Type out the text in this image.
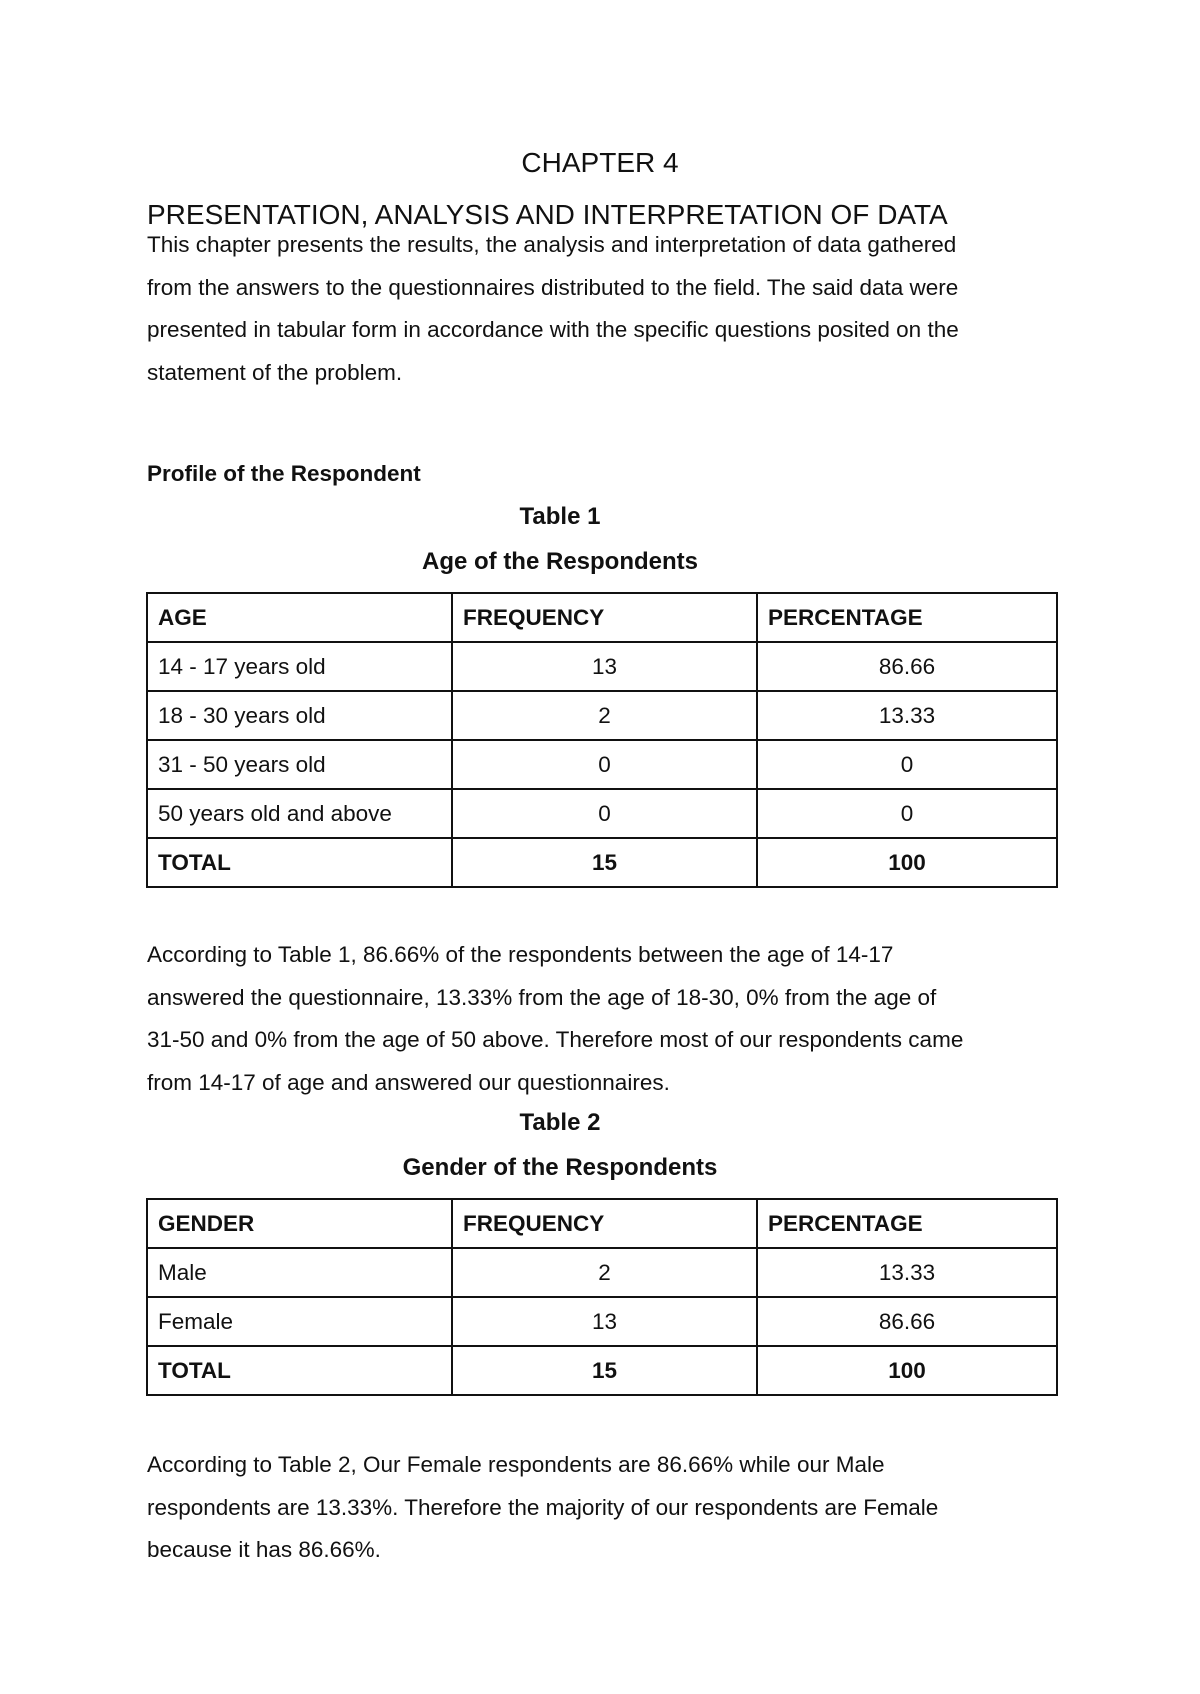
CHAPTER 4
PRESENTATION, ANALYSIS AND INTERPRETATION OF DATA

This chapter presents the results, the analysis and interpretation of data gathered
from the answers to the questionnaires distributed to the field. The said data were
presented in tabular form in accordance with the specific questions posited on the
statement of the problem.

Profile of the Respondent
Table 1
Age of the Respondents
AGE	FREQUENCY	PERCENTAGE
14 - 17 years old	13	86.66
18 - 30 years old	2	13.33
31 - 50 years old	0	0
50 years old and above	0	0
TOTAL	15	100

According to Table 1, 86.66% of the respondents between the age of 14-17
answered the questionnaire, 13.33% from the age of 18-30, 0% from the age of
31-50 and 0% from the age of 50 above. Therefore most of our respondents came
from 14-17 of age and answered our questionnaires.

Table 2
Gender of the Respondents
GENDER	FREQUENCY	PERCENTAGE
Male	2	13.33
Female	13	86.66
TOTAL	15	100

According to Table 2, Our Female respondents are 86.66% while our Male
respondents are 13.33%. Therefore the majority of our respondents are Female
because it has 86.66%.
